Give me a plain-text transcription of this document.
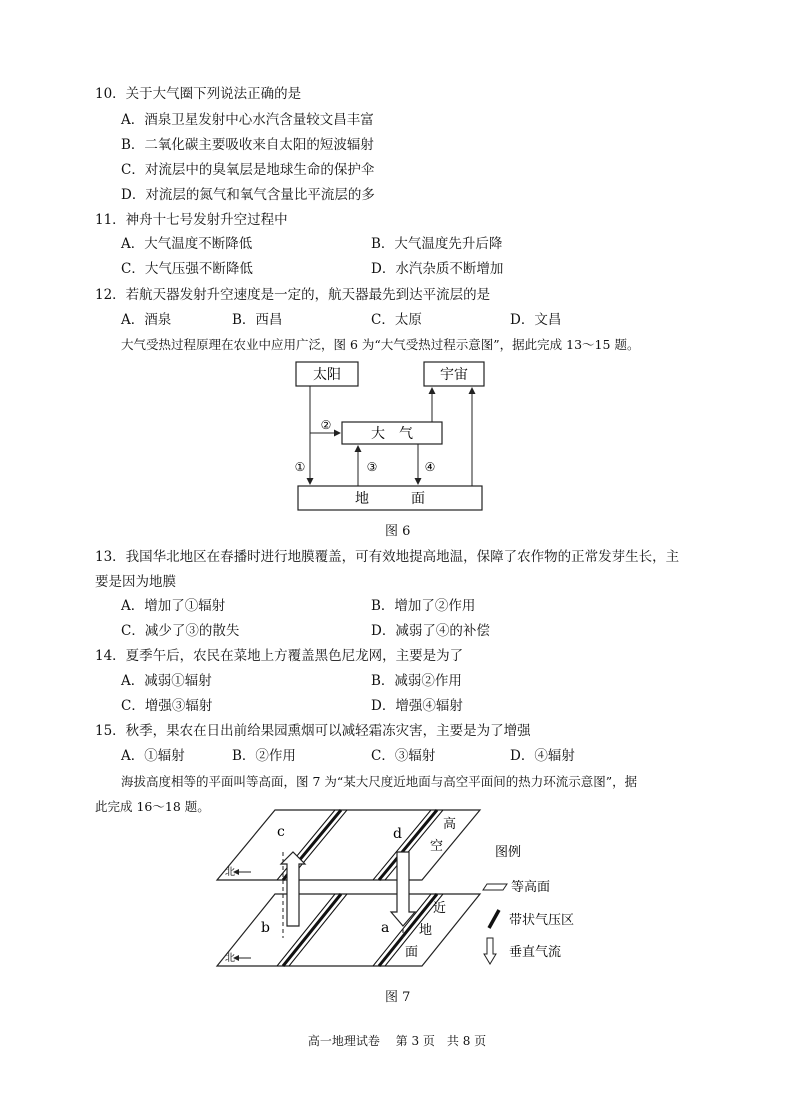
10．关于大气圈下列说法正确的是
A．酒泉卫星发射中心水汽含量较文昌丰富
B．二氧化碳主要吸收来自太阳的短波辐射
C．对流层中的臭氧层是地球生命的保护伞
D．对流层的氮气和氧气含量比平流层的多
11．神舟十七号发射升空过程中
A．大气温度不断降低	B．大气温度先升后降
C．大气压强不断降低	D．水汽杂质不断增加
12．若航天器发射升空速度是一定的，航天器最先到达平流层的是
A．酒泉	B．西昌	C．太原	D．文昌
大气受热过程原理在农业中应用广泛，图 6 为“大气受热过程示意图”，据此完成 13～15 题。
太阳	宇宙
大　气
地　　　面
①
②
③	④
图 6
13．我国华北地区在春播时进行地膜覆盖，可有效地提高地温，保障了农作物的正常发芽生长，主
要是因为地膜
A．增加了①辐射	B．增加了②作用
C．减少了③的散失	D．减弱了④的补偿
14．夏季午后，农民在菜地上方覆盖黑色尼龙网，主要是为了
A．减弱①辐射	B．减弱②作用
C．增强③辐射	D．增强④辐射
15．秋季，果农在日出前给果园熏烟可以减轻霜冻灾害，主要是为了增强
A．①辐射	B．②作用	C．③辐射	D．④辐射
海拔高度相等的平面叫等高面，图 7 为“某大尺度近地面与高空平面间的热力环流示意图”，据
此完成 16～18 题。
北
北
c	d
b	a
高
空
近
地
面
图例
等高面
带状气压区
垂直气流
图 7
高一地理试卷　 第 3 页　共 8 页
